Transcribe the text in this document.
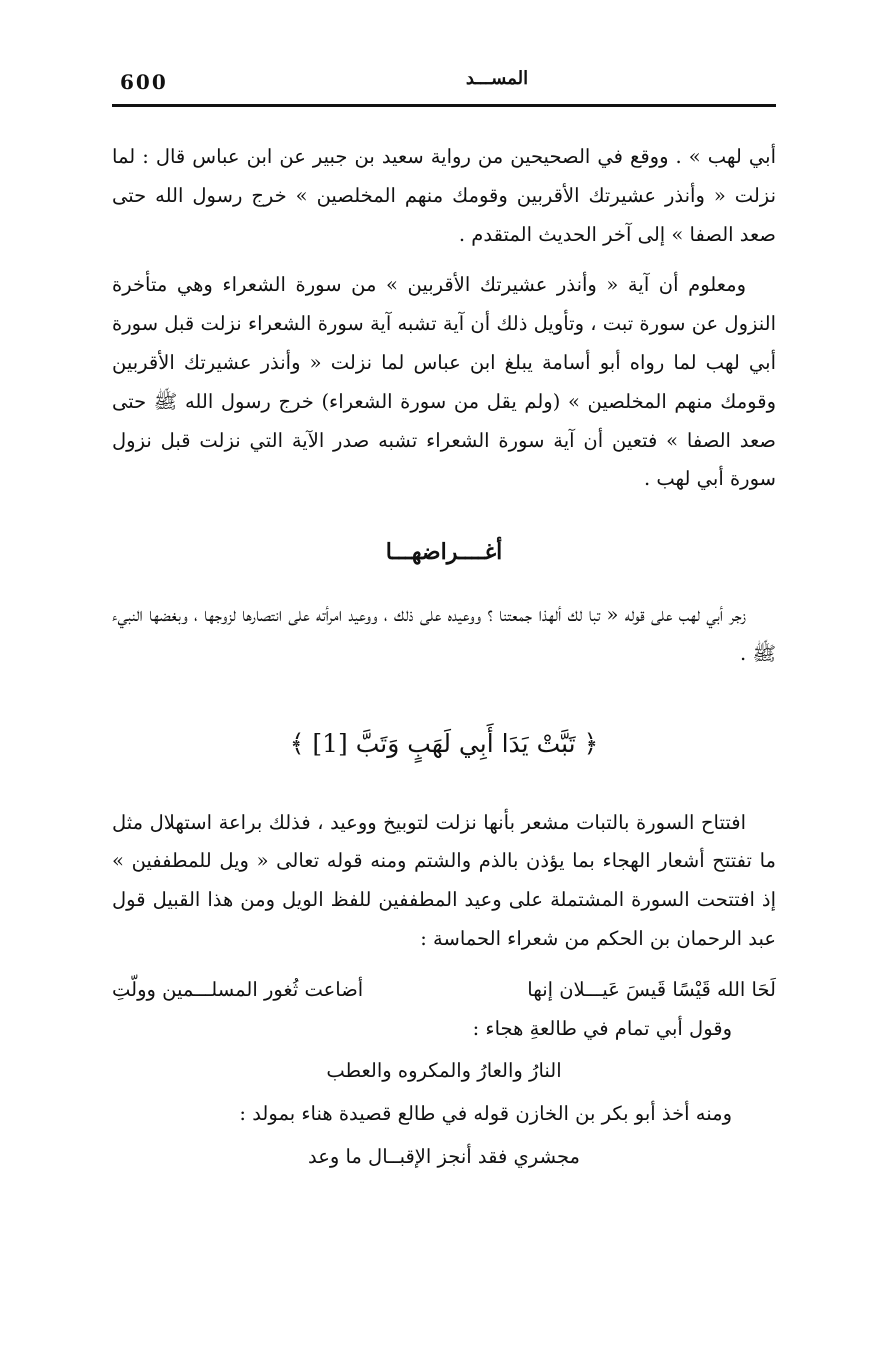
600	المســـد

أبي لهب » . ووقع في الصحيحين من رواية سعيد بن جبير عن ابن عباس قال : لما نزلت « وأنذر عشيرتك الأقربين وقومك منهم المخلصين » خرج رسول الله حتى صعد الصفا » إلى آخر الحديث المتقدم .

ومعلوم أن آية « وأنذر عشيرتك الأقربين » من سورة الشعراء وهي متأخرة النزول عن سورة تبت ، وتأويل ذلك أن آية تشبه آية سورة الشعراء نزلت قبل سورة أبي لهب لما رواه أبو أسامة يبلغ ابن عباس لما نزلت « وأنذر عشيرتك الأقربين وقومك منهم المخلصين » (ولم يقل من سورة الشعراء) خرج رسول الله ﷺ حتى صعد الصفا » فتعين أن آية سورة الشعراء تشبه صدر الآية التي نزلت قبل نزول سورة أبي لهب .

أغــــراضهـــا

زجر أبي لهب على قوله « تبا لك ألهذا جمعتنا ؟ ووعيده على ذلك ، ووعيد امرأته على انتصارها لزوجها ، وبغضها النبيء ﷺ .

﴿ تَبَّتْ يَدَا أَبِي لَهَبٍ وَتَبَّ [1] ﴾

افتتاح السورة بالتبات مشعر بأنها نزلت لتوبيخ ووعيد ، فذلك براعة استهلال مثل ما تفتتح أشعار الهجاء بما يؤذن بالذم والشتم ومنه قوله تعالى « ويل للمطففين » إذ افتتحت السورة المشتملة على وعيد المطففين للفظ الويل ومن هذا القبيل قول عبد الرحمان بن الحكم من شعراء الحماسة :

لَحَا الله قَيْسًا قَيسَ عَيـــلان إنها
أضاعت ثُغور المسلـــمين وولّتِ
وقول أبي تمام في طالعةِ هجاء :
النارُ والعارُ والمكروه والعطب
ومنه أخذ أبو بكر بن الخازن قوله في طالع قصيدة هناء بمولد :
مجشري فقد أنجز الإقبــال ما وعد
